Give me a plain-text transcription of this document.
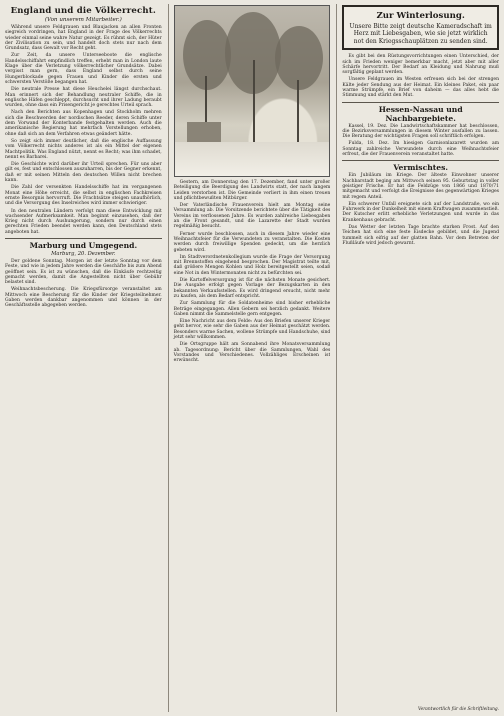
England und die Völkerrecht.
(Von unserem Mitarbeiter.)

Während unsere Feldgrauen und Blaujacken an allen Fronten siegreich vordringen, hat England in der Frage des Völkerrechts wieder einmal seine wahre Natur gezeigt. Es rühmt sich, der Hüter der Zivilisation zu sein, und handelt doch stets nur nach dem Grundsatz, dass Gewalt vor Recht geht.

Zur Zeit, da unsere Unterseeboote die englische Handelsschiffahrt empfindlich treffen, erhebt man in London laute Klage über die Verletzung völkerrechtlicher Grundsätze. Dabei vergisst man gern, dass England selbst durch seine Hungerblockade gegen Frauen und Kinder die ersten und schwersten Verstöße begangen hat.

Die neutrale Presse hat diese Heuchelei längst durchschaut. Man erinnert sich der Behandlung neutraler Schiffe, die in englische Häfen geschleppt, durchsucht und ihrer Ladung beraubt wurden, ohne dass ein Prisengericht je gerechtes Urteil sprach.

Nach den Berichten aus Kopenhagen und Stockholm mehren sich die Beschwerden der nordischen Reeder, deren Schiffe unter dem Vorwand der Konterbande festgehalten werden. Auch die amerikanische Regierung hat mehrfach Vorstellungen erhoben, ohne daß sich an dem Verfahren etwas geändert hätte.

So zeigt sich immer deutlicher, daß die englische Auffassung vom Völkerrecht nichts anderes ist als ein Mittel der eigenen Machtpolitik. Was England nützt, nennt es Recht; was ihm schadet, nennt es Barbarei.

Die Geschichte wird darüber ihr Urteil sprechen. Für uns aber gilt es, fest und entschlossen auszuharren, bis der Gegner erkennt, daß er mit seinen Mitteln den deutschen Willen nicht brechen kann.

Die Zahl der versenkten Handelsschiffe hat im vergangenen Monat eine Höhe erreicht, die selbst in englischen Fachkreisen ernste Besorgnis hervorruft. Die Frachtsätze steigen unaufhörlich, und die Versorgung des Inselreiches wird immer schwieriger.

In den neutralen Ländern verfolgt man diese Entwicklung mit wachsender Aufmerksamkeit. Man beginnt einzusehen, daß der Krieg nicht durch Aushungerung, sondern nur durch einen gerechten Frieden beendet werden kann, den Deutschland stets angeboten hat.

Marburg und Umgegend.
Marburg, 20. Dezember.

Der goldene Sonntag. Morgen ist der letzte Sonntag vor dem Feste, und wie in jedem Jahre werden die Geschäfte bis zum Abend geöffnet sein. Es ist zu wünschen, daß die Einkäufe rechtzeitig gemacht werden, damit die Angestellten nicht über Gebühr belastet sind.

Weihnachtsbescherung. Die Kriegsfürsorge veranstaltet am Mittwoch eine Bescherung für die Kinder der Kriegsteilnehmer. Gaben werden dankbar angenommen und können in der Geschäftsstelle abgegeben werden.

Gestern, am Donnerstag den 17. Dezember, fand unter großer Beteiligung die Beerdigung des Landwirts statt, der nach langem Leiden verstorben ist. Die Gemeinde verliert in ihm einen treuen und pflichtbewußten Mitbürger.

Der Vaterländische Frauenverein hielt am Montag seine Versammlung ab. Die Vorsitzende berichtete über die Tätigkeit des Vereins im verflossenen Jahre. Es wurden zahlreiche Liebesgaben an die Front gesandt, und die Lazarette der Stadt wurden regelmäßig besucht.

Ferner wurde beschlossen, auch in diesem Jahre wieder eine Weihnachtsfeier für die Verwundeten zu veranstalten. Die Kosten werden durch freiwillige Spenden gedeckt, um die herzlich gebeten wird.

Im Stadtverordnetenkollegium wurde die Frage der Versorgung mit Brennstoffen eingehend besprochen. Der Magistrat teilte mit, daß größere Mengen Kohlen und Holz bereitgestellt seien, sodaß eine Not in den Wintermonaten nicht zu befürchten sei.

Die Kartoffelversorgung ist für die nächsten Monate gesichert. Die Ausgabe erfolgt gegen Vorlage der Bezugskarten in den bekannten Verkaufsstellen. Es wird dringend ersucht, nicht mehr zu kaufen, als dem Bedarf entspricht.

Zur Sammlung für die Soldatenheime sind bisher erhebliche Beträge eingegangen. Allen Gebern sei herzlich gedankt. Weitere Gaben nimmt die Sammelstelle gern entgegen.

Eine Nachricht aus dem Felde: Aus den Briefen unserer Krieger geht hervor, wie sehr die Gaben aus der Heimat geschätzt werden. Besonders warme Sachen, wollene Strümpfe und Handschuhe, sind jetzt sehr willkommen.

Die Ortsgruppe hält am Sonnabend ihre Monatsversammlung ab. Tagesordnung: Bericht über die Sammlungen, Wahl des Vorstandes und Verschiedenes. Vollzähliges Erscheinen ist erwünscht.

Zur Winterlosung.
Unsere Bitte zeigt deutsche Kameradschaft im Herz mit Liebesgaben, wie sie jetzt wirklich not den Kriegsschauplätzen zu senden sind.

Es gibt bei den Rüstungsvorrichtungen einen Unterschied, der sich im Frieden weniger bemerkbar macht, jetzt aber mit aller Schärfe hervortritt. Der Bedarf an Kleidung und Nahrung muß sorgfältig geplant werden.

Unsere Feldgrauen im Westen erfreuen sich bei der strengen Kälte jeder Sendung aus der Heimat. Ein kleines Paket, ein paar warme Strümpfe, ein Brief von daheim — das alles hebt die Stimmung und stärkt den Mut.

Hessen-Nassau und Nachbargebiete.

Kassel, 19. Dez. Die Landwirtschaftskammer hat beschlossen, die Bezirksversammlungen in diesem Winter ausfallen zu lassen. Die Beratung der wichtigsten Fragen soll schriftlich erfolgen.

Fulda, 18. Dez. Im hiesigen Garnisonlazarett wurden am Sonntag zahlreiche Verwundete durch eine Weihnachtsfeier erfreut, die der Frauenverein veranstaltet hatte.

Vermischtes.

Ein Jubiläum im Kriege. Der älteste Einwohner unserer Nachbarstadt beging am Mittwoch seinen 95. Geburtstag in voller geistiger Frische. Er hat die Feldzüge von 1866 und 1870/71 mitgemacht und verfolgt die Ereignisse des gegenwärtigen Krieges mit regem Anteil.

Ein schwerer Unfall ereignete sich auf der Landstraße, wo ein Fuhrwerk in der Dunkelheit mit einem Kraftwagen zusammenstieß. Der Kutscher erlitt erhebliche Verletzungen und wurde in das Krankenhaus gebracht.

Das Wetter der letzten Tage brachte starken Frost. Auf den Teichen hat sich eine feste Eisdecke gebildet, und die Jugend tummelt sich eifrig auf der glatten Bahn. Vor dem Betreten der Flußläufe wird jedoch gewarnt.

Verantwortlich für die Schriftleitung.
